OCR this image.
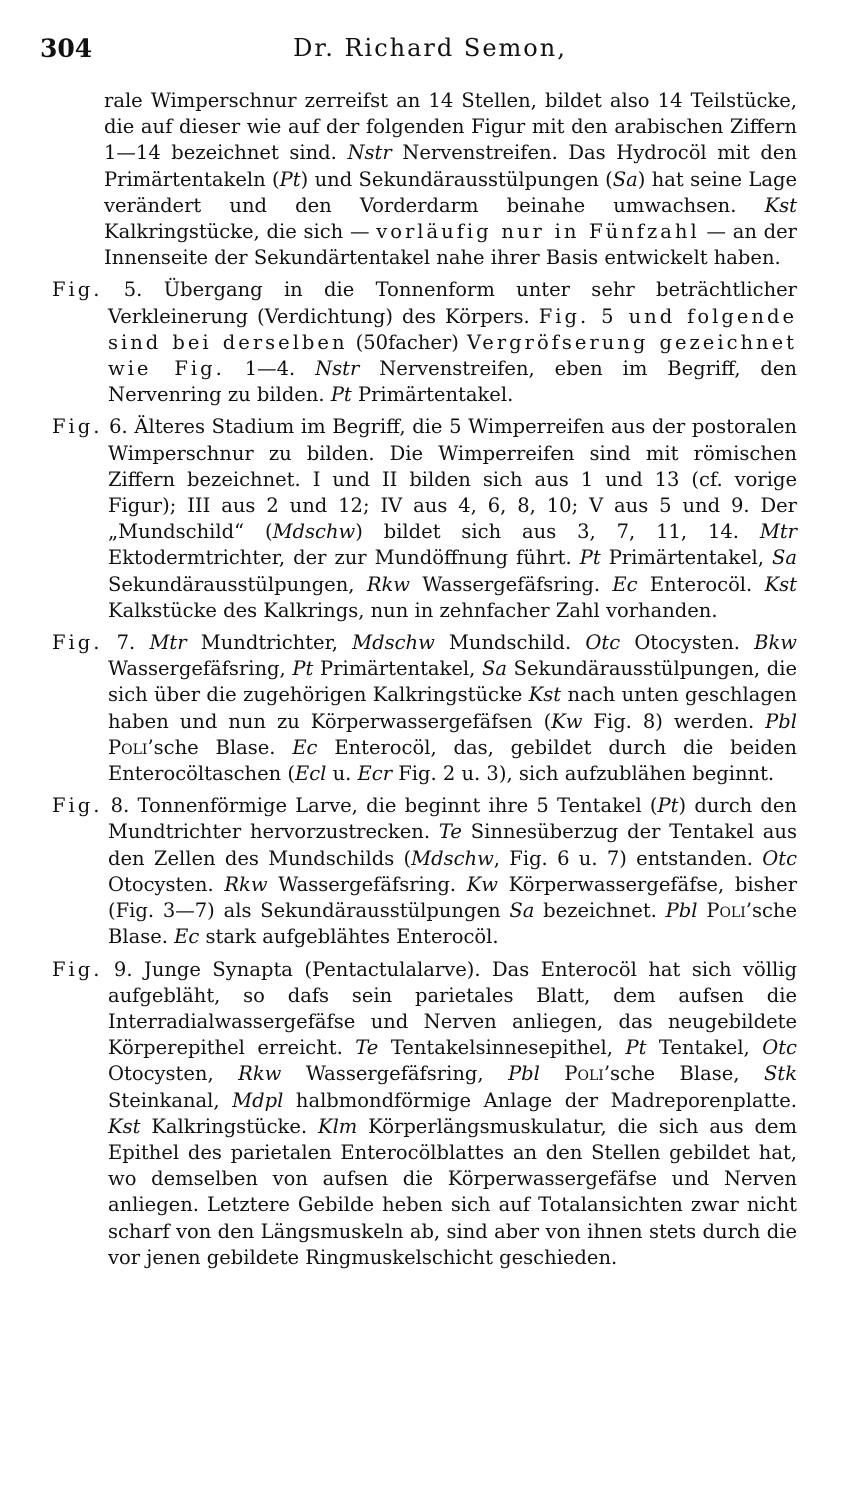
304	Dr. Richard Semon,

rale Wimperschnur zerreifst an 14 Stellen, bildet also 14 Teilstücke, die auf dieser wie auf der folgenden Figur mit den arabischen Ziffern 1—14 bezeichnet sind. Nstr Nervenstreifen. Das Hydrocöl mit den Primärtentakeln (Pt) und Sekundärausstülpungen (Sa) hat seine Lage verändert und den Vorderdarm beinahe umwachsen. Kst Kalkringstücke, die sich — vorläufig nur in Fünfzahl — an der Innenseite der Sekundärtentakel nahe ihrer Basis entwickelt haben.

Fig. 5. Übergang in die Tonnenform unter sehr beträchtlicher Verkleinerung (Verdichtung) des Körpers. Fig. 5 und folgende sind bei derselben (50facher) Vergröfserung gezeichnet wie Fig. 1—4. Nstr Nervenstreifen, eben im Begriff, den Nervenring zu bilden. Pt Primärtentakel.

Fig. 6. Älteres Stadium im Begriff, die 5 Wimperreifen aus der postoralen Wimperschnur zu bilden. Die Wimperreifen sind mit römischen Ziffern bezeichnet. I und II bilden sich aus 1 und 13 (cf. vorige Figur); III aus 2 und 12; IV aus 4, 6, 8, 10; V aus 5 und 9. Der „Mundschild“ (Mdschw) bildet sich aus 3, 7, 11, 14. Mtr Ektodermtrichter, der zur Mundöffnung führt. Pt Primärtentakel, Sa Sekundärausstülpungen, Rkw Wassergefäfsring. Ec Enterocöl. Kst Kalkstücke des Kalkrings, nun in zehnfacher Zahl vorhanden.

Fig. 7. Mtr Mundtrichter, Mdschw Mundschild. Otc Otocysten. Bkw Wassergefäfsring, Pt Primärtentakel, Sa Sekundärausstülpungen, die sich über die zugehörigen Kalkringstücke Kst nach unten geschlagen haben und nun zu Körperwassergefäfsen (Kw Fig. 8) werden. Pbl Poli’sche Blase. Ec Enterocöl, das, gebildet durch die beiden Enterocöltaschen (Ecl u. Ecr Fig. 2 u. 3), sich aufzublähen beginnt.

Fig. 8. Tonnenförmige Larve, die beginnt ihre 5 Tentakel (Pt) durch den Mundtrichter hervorzustrecken. Te Sinnesüberzug der Tentakel aus den Zellen des Mundschilds (Mdschw, Fig. 6 u. 7) entstanden. Otc Otocysten. Rkw Wassergefäfsring. Kw Körperwassergefäfse, bisher (Fig. 3—7) als Sekundärausstülpungen Sa bezeichnet. Pbl Poli’sche Blase. Ec stark aufgeblähtes Enterocöl.

Fig. 9. Junge Synapta (Pentactulalarve). Das Enterocöl hat sich völlig aufgebläht, so dafs sein parietales Blatt, dem aufsen die Interradialwassergefäfse und Nerven anliegen, das neugebildete Körperepithel erreicht. Te Tentakelsinnesepithel, Pt Tentakel, Otc Otocysten, Rkw Wassergefäfsring, Pbl Poli’sche Blase, Stk Steinkanal, Mdpl halbmondförmige Anlage der Madreporenplatte. Kst Kalkringstücke. Klm Körperlängsmuskulatur, die sich aus dem Epithel des parietalen Enterocölblattes an den Stellen gebildet hat, wo demselben von aufsen die Körperwassergefäfse und Nerven anliegen. Letztere Gebilde heben sich auf Totalansichten zwar nicht scharf von den Längsmuskeln ab, sind aber von ihnen stets durch die vor jenen gebildete Ringmuskelschicht geschieden.
